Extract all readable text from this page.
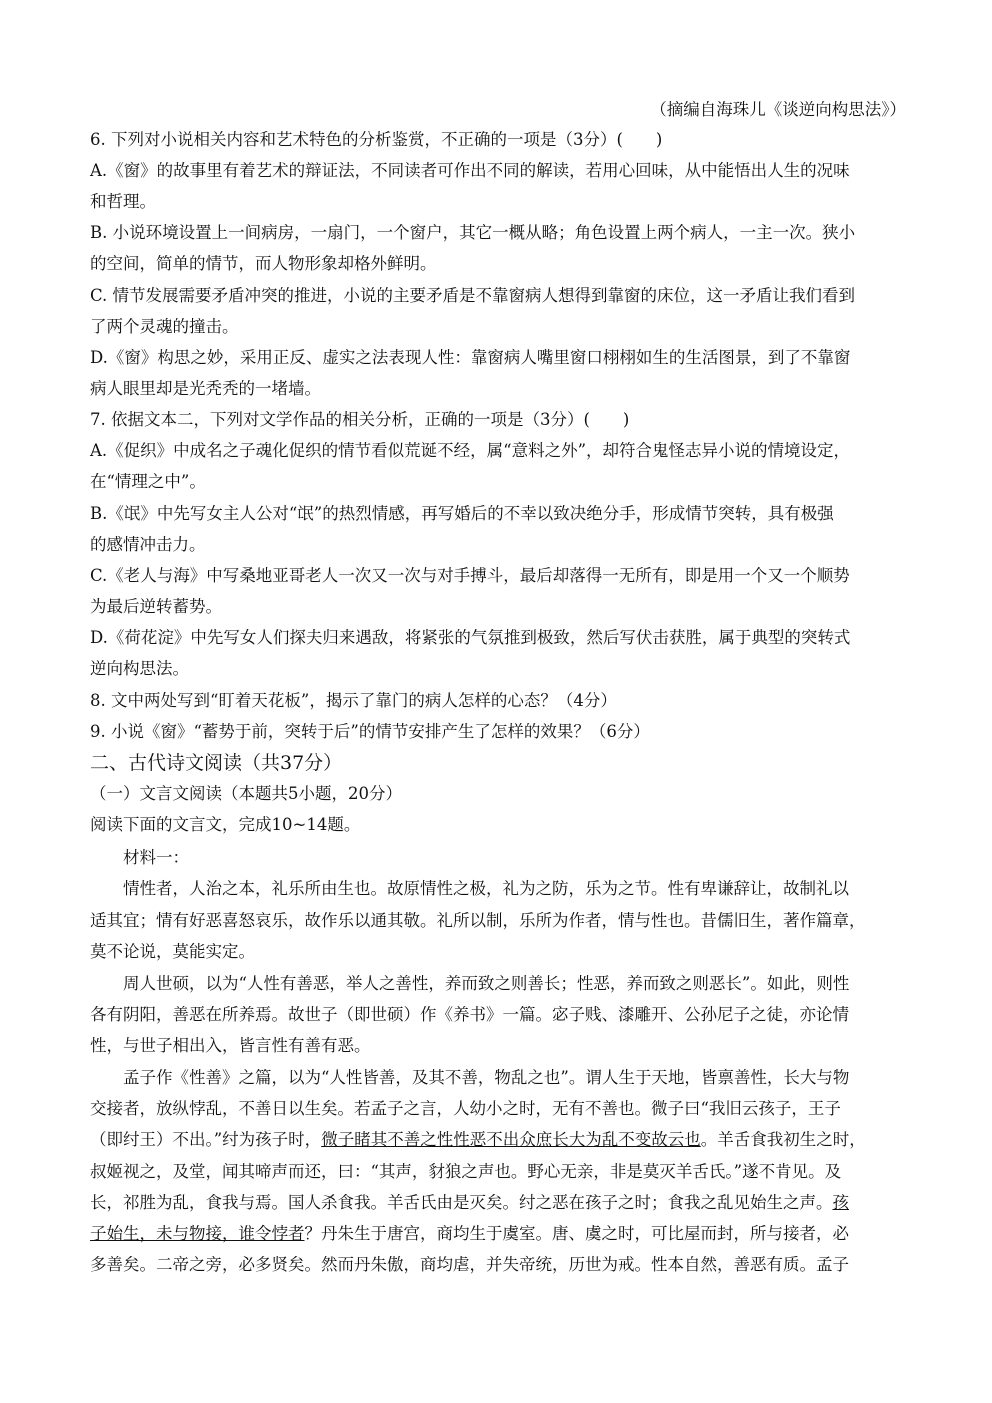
（摘编自海珠儿《谈逆向构思法》）
6. 下列对小说相关内容和艺术特色的分析鉴赏，不正确的一项是（3分）(　　)
A.《窗》的故事里有着艺术的辩证法，不同读者可作出不同的解读，若用心回味，从中能悟出人生的况味
和哲理。
B. 小说环境设置上一间病房，一扇门，一个窗户，其它一概从略；角色设置上两个病人，一主一次。狭小
的空间，简单的情节，而人物形象却格外鲜明。
C. 情节发展需要矛盾冲突的推进，小说的主要矛盾是不靠窗病人想得到靠窗的床位，这一矛盾让我们看到
了两个灵魂的撞击。
D.《窗》构思之妙，采用正反、虚实之法表现人性：靠窗病人嘴里窗口栩栩如生的生活图景，到了不靠窗
病人眼里却是光秃秃的一堵墙。
7. 依据文本二，下列对文学作品的相关分析，正确的一项是（3分）(　　)
A.《促织》中成名之子魂化促织的情节看似荒诞不经，属“意料之外”，却符合鬼怪志异小说的情境设定，
在“情理之中”。
B.《氓》中先写女主人公对“氓”的热烈情感，再写婚后的不幸以致决绝分手，形成情节突转，具有极强
的感情冲击力。
C.《老人与海》中写桑地亚哥老人一次又一次与对手搏斗，最后却落得一无所有，即是用一个又一个顺势
为最后逆转蓄势。
D.《荷花淀》中先写女人们探夫归来遇敌，将紧张的气氛推到极致，然后写伏击获胜，属于典型的突转式
逆向构思法。
8. 文中两处写到“盯着天花板”，揭示了靠门的病人怎样的心态？（4分）
9. 小说《窗》“蓄势于前，突转于后”的情节安排产生了怎样的效果？（6分）
二、古代诗文阅读（共37分）
（一）文言文阅读（本题共5小题，20分）
阅读下面的文言文，完成10~14题。
材料一：
情性者，人治之本，礼乐所由生也。故原情性之极，礼为之防，乐为之节。性有卑谦辞让，故制礼以
适其宜；情有好恶喜怒哀乐，故作乐以通其敬。礼所以制，乐所为作者，情与性也。昔儒旧生，著作篇章，
莫不论说，莫能实定。
周人世硕，以为“人性有善恶，举人之善性，养而致之则善长；性恶，养而致之则恶长”。如此，则性
各有阴阳，善恶在所养焉。故世子（即世硕）作《养书》一篇。宓子贱、漆雕开、公孙尼子之徒，亦论情
性，与世子相出入，皆言性有善有恶。
孟子作《性善》之篇，以为“人性皆善，及其不善，物乱之也”。谓人生于天地，皆禀善性，长大与物
交接者，放纵悖乱，不善日以生矣。若孟子之言，人幼小之时，无有不善也。微子曰“我旧云孩子，王子
（即纣王）不出。”纣为孩子时，微子睹其不善之性性恶不出众庶长大为乱不变故云也。羊舌食我初生之时，
叔姬视之，及堂，闻其啼声而还，曰：“其声，豺狼之声也。野心无亲，非是莫灭羊舌氏。”遂不肯见。及
长，祁胜为乱，食我与焉。国人杀食我。羊舌氏由是灭矣。纣之恶在孩子之时；食我之乱见始生之声。孩
子始生，未与物接，谁令悖者？丹朱生于唐宫，商均生于虞室。唐、虞之时，可比屋而封，所与接者，必
多善矣。二帝之旁，必多贤矣。然而丹朱傲，商均虐，并失帝统，历世为戒。性本自然，善恶有质。孟子
